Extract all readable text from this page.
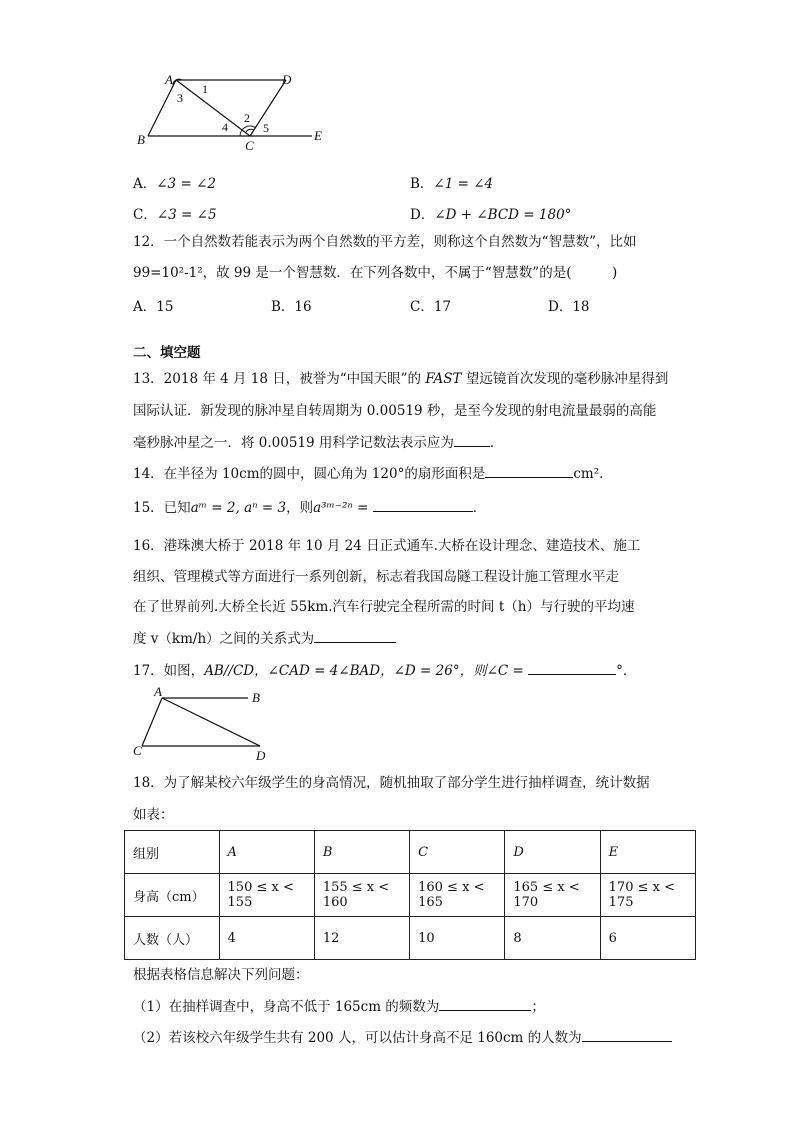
A	D
B	C
E
1
3
2
4	5
A．∠3 = ∠2	B．∠1 = ∠4
C．∠3 = ∠5	D．∠D + ∠BCD = 180°
12．一个自然数若能表示为两个自然数的平方差，则称这个自然数为“智慧数”，比如
99=10²-1²，故 99 是一个智慧数．在下列各数中，不属于“智慧数”的是(　　　)
A．15	B．16	C．17	D．18
二、填空题
13．2018 年 4 月 18 日，被誉为“中国天眼”的 FAST 望远镜首次发现的毫秒脉冲星得到
国际认证．新发现的脉冲星自转周期为 0.00519 秒，是至今发现的射电流量最弱的高能
毫秒脉冲星之一．将 0.00519 用科学记数法表示应为	．
14．在半径为 10cm的圆中，圆心角为 120°的扇形面积是	cm²．
15．已知aᵐ = 2, aⁿ = 3，则a³ᵐ⁻²ⁿ =	．
16．港珠澳大桥于 2018 年 10 月 24 日正式通车.大桥在设计理念、建造技术、施工
组织、管理模式等方面进行一系列创新，标志着我国岛隧工程设计施工管理水平走
在了世界前列.大桥全长近 55km.汽车行驶完全程所需的时间 t（h）与行驶的平均速
度 v（km/h）之间的关系式为
17．如图，AB//CD，∠CAD = 4∠BAD，∠D = 26°，则∠C =	°．
A	B
C	D
18．为了解某校六年级学生的身高情况，随机抽取了部分学生进行抽样调查，统计数据
如表：
组别	A	B	C	D	E
身高（cm）	150 ≤ x < 155	155 ≤ x < 160	160 ≤ x < 165	165 ≤ x < 170	170 ≤ x < 175
人数（人）	4	12	10	8	6
根据表格信息解决下列问题：
（1）在抽样调查中，身高不低于 165cm 的频数为	；
（2）若该校六年级学生共有 200 人，可以估计身高不足 160cm 的人数为
